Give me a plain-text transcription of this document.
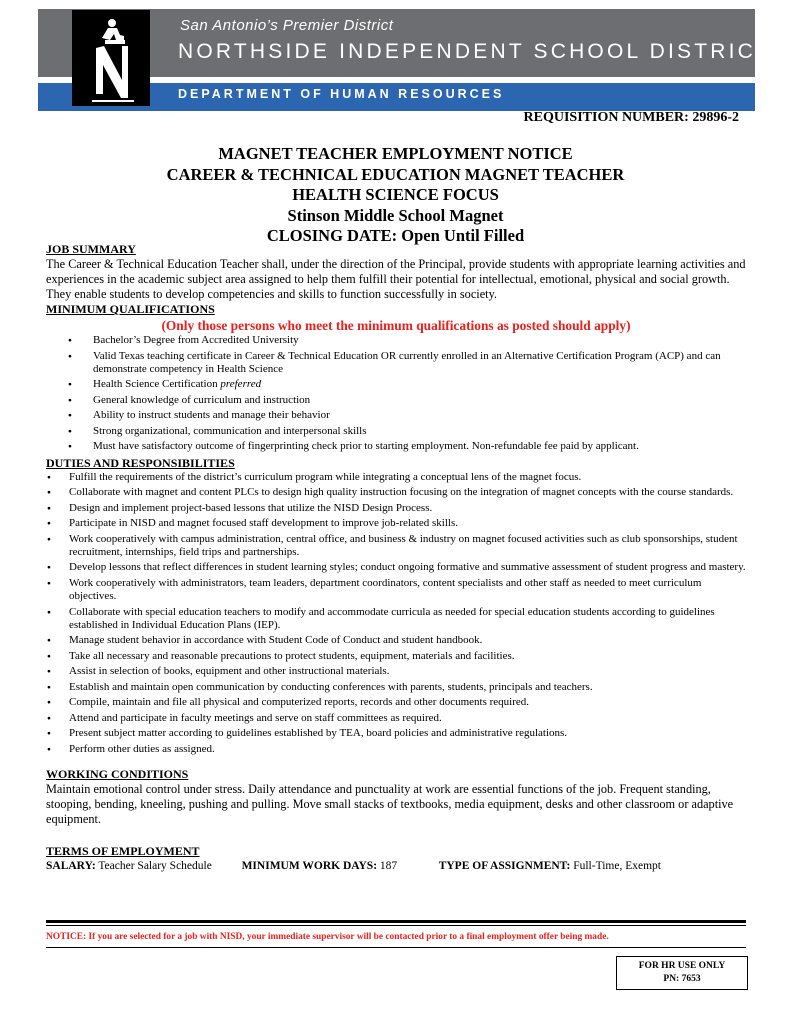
San Antonio’s Premier District
NORTHSIDE INDEPENDENT SCHOOL DISTRICT
DEPARTMENT OF HUMAN RESOURCES
REQUISITION NUMBER: 29896-2
MAGNET TEACHER EMPLOYMENT NOTICE
CAREER & TECHNICAL EDUCATION MAGNET TEACHER
HEALTH SCIENCE FOCUS
Stinson Middle School Magnet
CLOSING DATE: Open Until Filled
JOB SUMMARY
The Career & Technical Education Teacher shall, under the direction of the Principal, provide students with appropriate learning activities and experiences in the academic subject area assigned to help them fulfill their potential for intellectual, emotional, physical and social growth. They enable students to develop competencies and skills to function successfully in society.
MINIMUM QUALIFICATIONS
(Only those persons who meet the minimum qualifications as posted should apply)
● Bachelor’s Degree from Accredited University
● Valid Texas teaching certificate in Career & Technical Education OR currently enrolled in an Alternative Certification Program (ACP) and can demonstrate competency in Health Science
● Health Science Certification preferred
● General knowledge of curriculum and instruction
● Ability to instruct students and manage their behavior
● Strong organizational, communication and interpersonal skills
● Must have satisfactory outcome of fingerprinting check prior to starting employment. Non-refundable fee paid by applicant.
DUTIES AND RESPONSIBILITIES
● Fulfill the requirements of the district’s curriculum program while integrating a conceptual lens of the magnet focus.
● Collaborate with magnet and content PLCs to design high quality instruction focusing on the integration of magnet concepts with the course standards.
● Design and implement project-based lessons that utilize the NISD Design Process.
● Participate in NISD and magnet focused staff development to improve job-related skills.
● Work cooperatively with campus administration, central office, and business & industry on magnet focused activities such as club sponsorships, student recruitment, internships, field trips and partnerships.
● Develop lessons that reflect differences in student learning styles; conduct ongoing formative and summative assessment of student progress and mastery.
● Work cooperatively with administrators, team leaders, department coordinators, content specialists and other staff as needed to meet curriculum objectives.
● Collaborate with special education teachers to modify and accommodate curricula as needed for special education students according to guidelines established in Individual Education Plans (IEP).
● Manage student behavior in accordance with Student Code of Conduct and student handbook.
● Take all necessary and reasonable precautions to protect students, equipment, materials and facilities.
● Assist in selection of books, equipment and other instructional materials.
● Establish and maintain open communication by conducting conferences with parents, students, principals and teachers.
● Compile, maintain and file all physical and computerized reports, records and other documents required.
● Attend and participate in faculty meetings and serve on staff committees as required.
● Present subject matter according to guidelines established by TEA, board policies and administrative regulations.
● Perform other duties as assigned.
WORKING CONDITIONS
Maintain emotional control under stress. Daily attendance and punctuality at work are essential functions of the job. Frequent standing, stooping, bending, kneeling, pushing and pulling. Move small stacks of textbooks, media equipment, desks and other classroom or adaptive equipment.
TERMS OF EMPLOYMENT
SALARY: Teacher Salary Schedule	MINIMUM WORK DAYS: 187	TYPE OF ASSIGNMENT: Full-Time, Exempt
NOTICE: If you are selected for a job with NISD, your immediate supervisor will be contacted prior to a final employment offer being made.
FOR HR USE ONLY
PN: 7653
